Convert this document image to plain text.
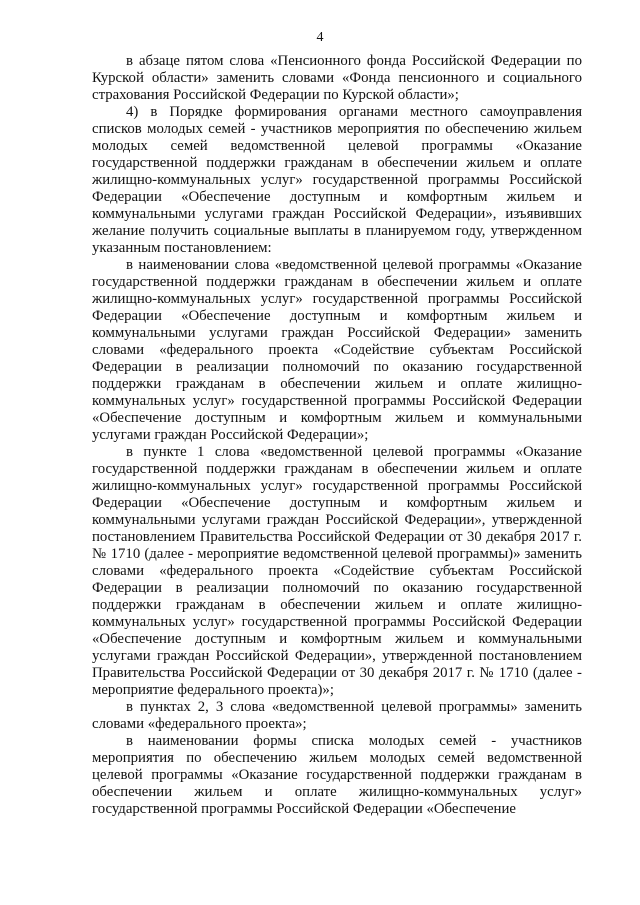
4

в абзаце пятом слова «Пенсионного фонда Российской Федерации по Курской области» заменить словами «Фонда пенсионного и социального страхования Российской Федерации по Курской области»;

4) в Порядке формирования органами местного самоуправления списков молодых семей - участников мероприятия по обеспечению жильем молодых семей ведомственной целевой программы «Оказание государственной поддержки гражданам в обеспечении жильем и оплате жилищно-коммунальных услуг» государственной программы Российской Федерации «Обеспечение доступным и комфортным жильем и коммунальными услугами граждан Российской Федерации», изъявивших желание получить социальные выплаты в планируемом году, утвержденном указанным постановлением:

в наименовании слова «ведомственной целевой программы «Оказание государственной поддержки гражданам в обеспечении жильем и оплате жилищно-коммунальных услуг» государственной программы Российской Федерации «Обеспечение доступным и комфортным жильем и коммунальными услугами граждан Российской Федерации» заменить словами «федерального проекта «Содействие субъектам Российской Федерации в реализации полномочий по оказанию государственной поддержки гражданам в обеспечении жильем и оплате жилищно-коммунальных услуг» государственной программы Российской Федерации «Обеспечение доступным и комфортным жильем и коммунальными услугами граждан Российской Федерации»;

в пункте 1 слова «ведомственной целевой программы «Оказание государственной поддержки гражданам в обеспечении жильем и оплате жилищно-коммунальных услуг» государственной программы Российской Федерации «Обеспечение доступным и комфортным жильем и коммунальными услугами граждан Российской Федерации», утвержденной постановлением Правительства Российской Федерации от 30 декабря 2017 г. № 1710 (далее - мероприятие ведомственной целевой программы)» заменить словами «федерального проекта «Содействие субъектам Российской Федерации в реализации полномочий по оказанию государственной поддержки гражданам в обеспечении жильем и оплате жилищно-коммунальных услуг» государственной программы Российской Федерации «Обеспечение доступным и комфортным жильем и коммунальными услугами граждан Российской Федерации», утвержденной постановлением Правительства Российской Федерации от 30 декабря 2017 г. № 1710 (далее - мероприятие федерального проекта)»;

в пунктах 2, 3 слова «ведомственной целевой программы» заменить словами «федерального проекта»;

в наименовании формы списка молодых семей - участников мероприятия по обеспечению жильем молодых семей ведомственной целевой программы «Оказание государственной поддержки гражданам в обеспечении жильем и оплате жилищно-коммунальных услуг» государственной программы Российской Федерации «Обеспечение
